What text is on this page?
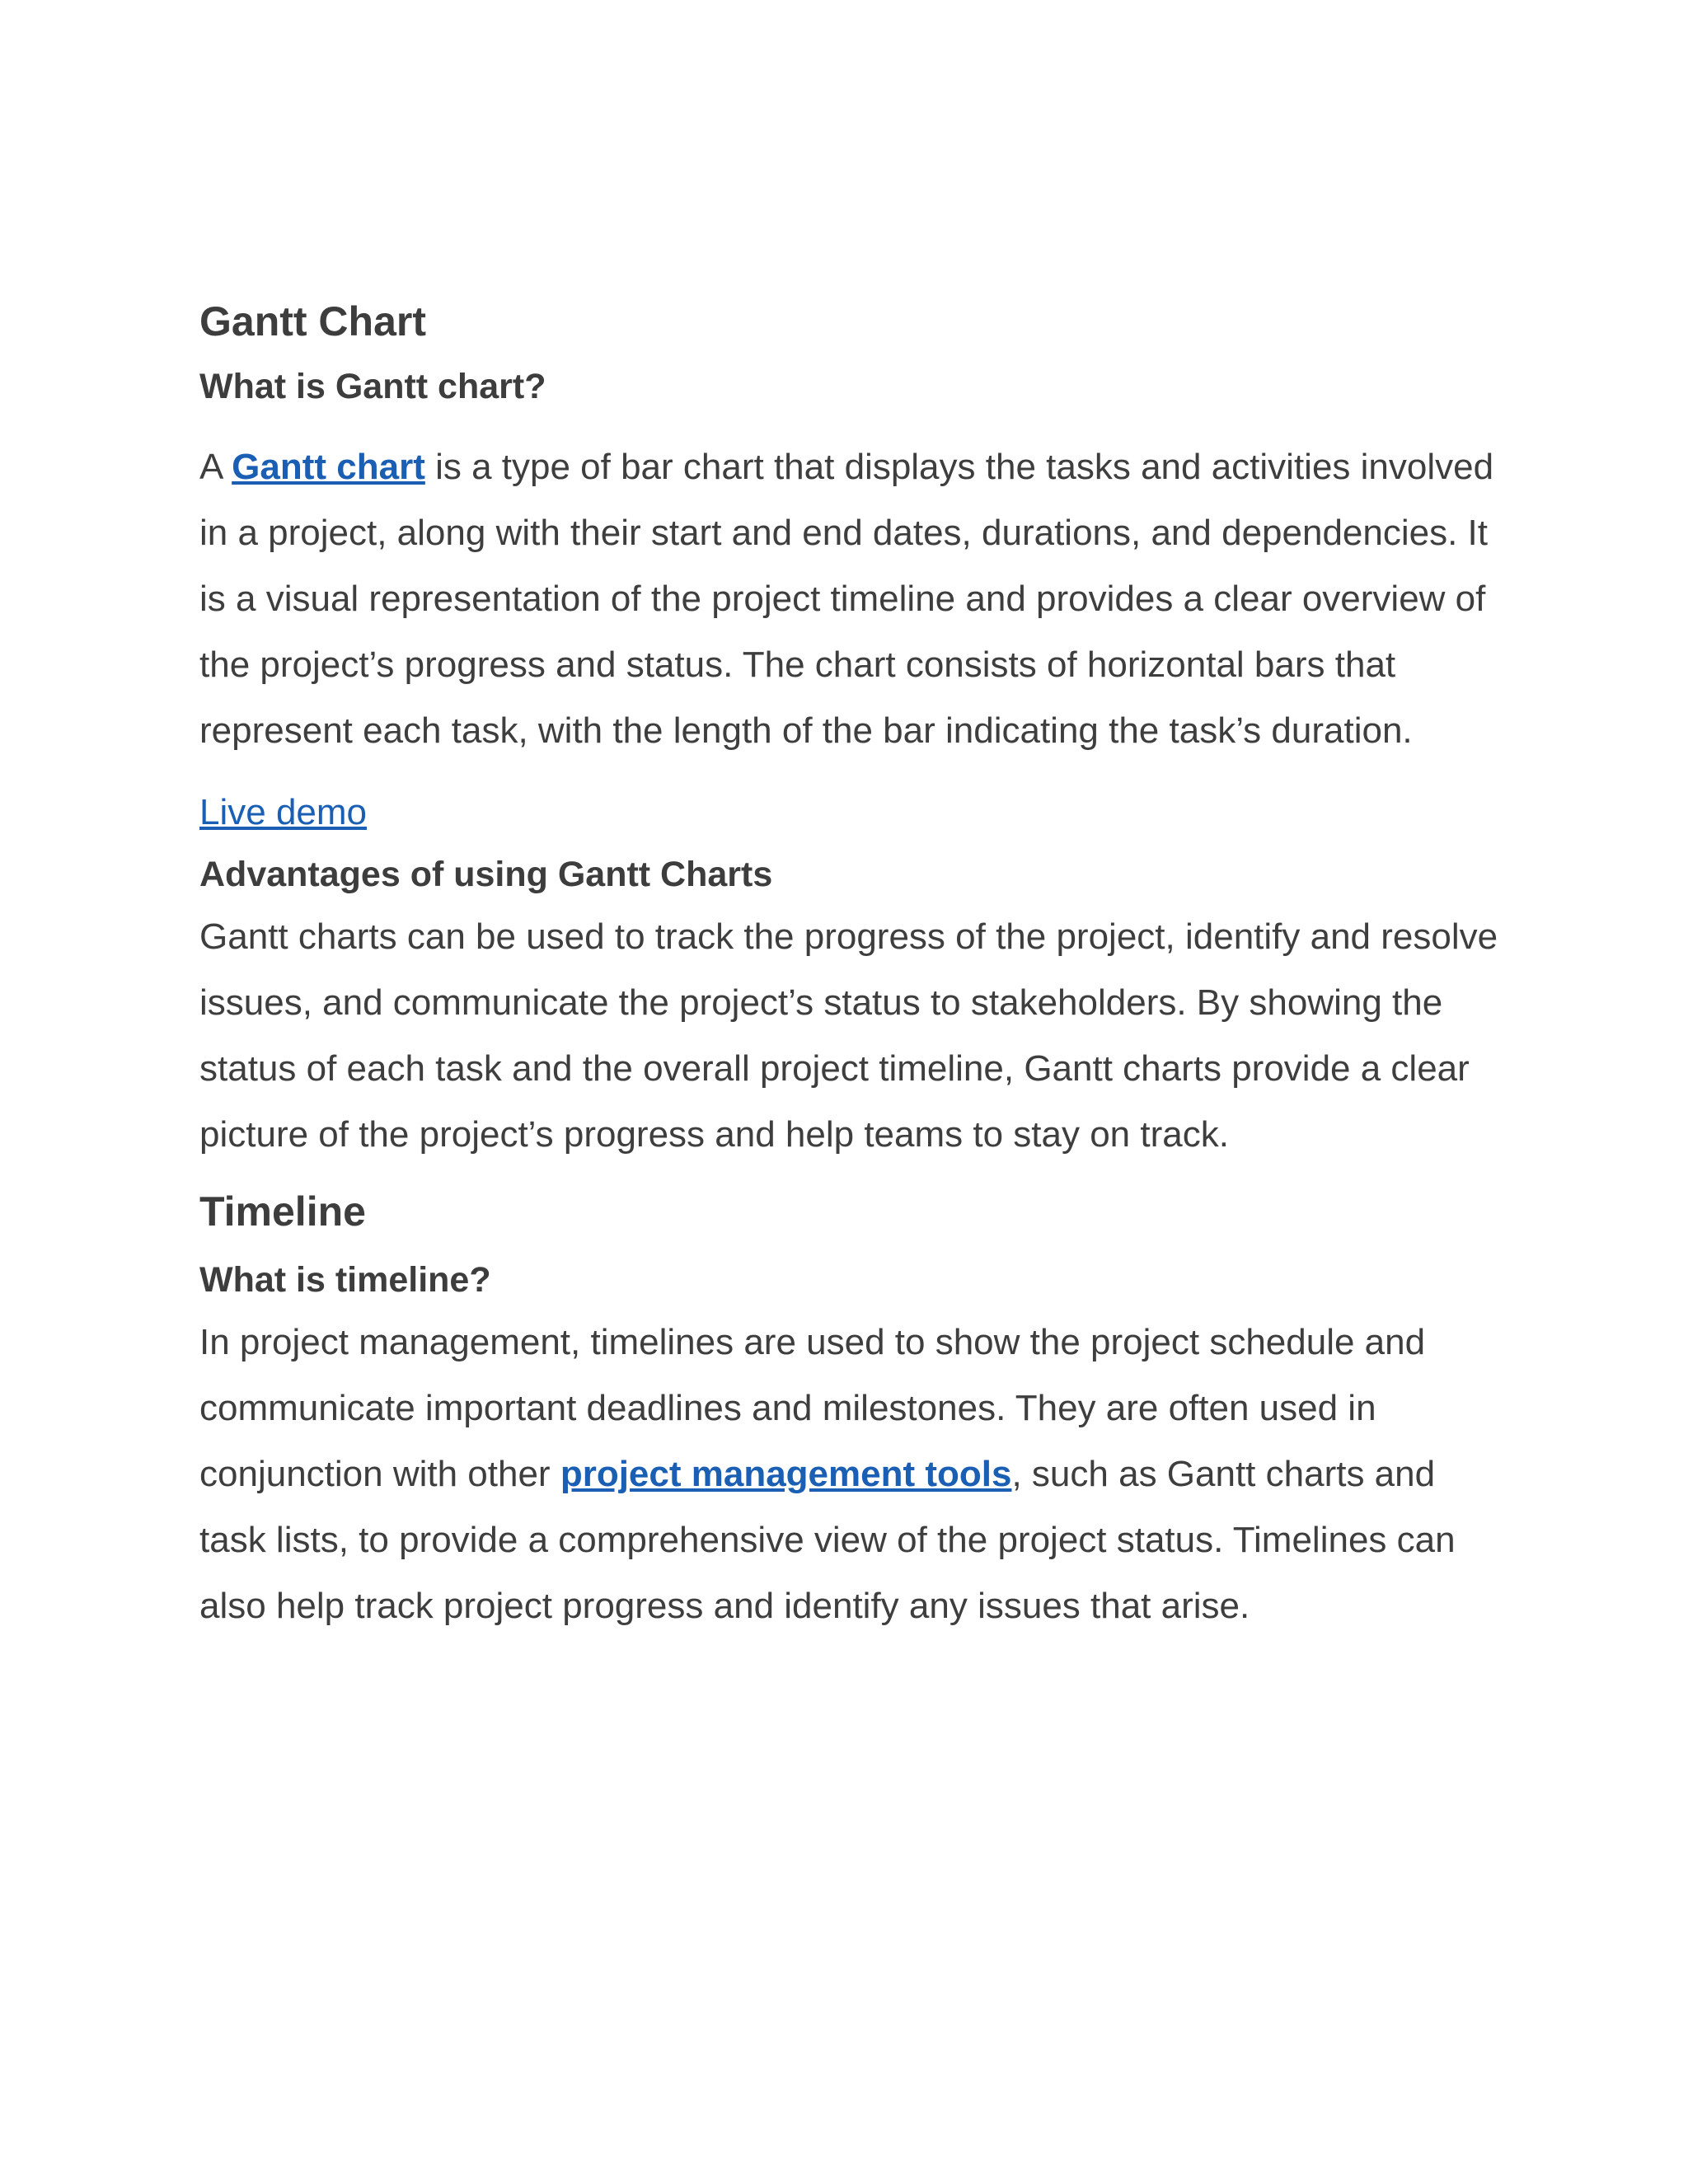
Gantt Chart
What is Gantt chart?

A Gantt chart is a type of bar chart that displays the tasks and activities involved in a project, along with their start and end dates, durations, and dependencies. It is a visual representation of the project timeline and provides a clear overview of the project’s progress and status. The chart consists of horizontal bars that represent each task, with the length of the bar indicating the task’s duration.

Live demo

Advantages of using Gantt Charts

Gantt charts can be used to track the progress of the project, identify and resolve issues, and communicate the project’s status to stakeholders. By showing the status of each task and the overall project timeline, Gantt charts provide a clear picture of the project’s progress and help teams to stay on track.

Timeline
What is timeline?

In project management, timelines are used to show the project schedule and communicate important deadlines and milestones. They are often used in conjunction with other project management tools, such as Gantt charts and task lists, to provide a comprehensive view of the project status. Timelines can also help track project progress and identify any issues that arise.
